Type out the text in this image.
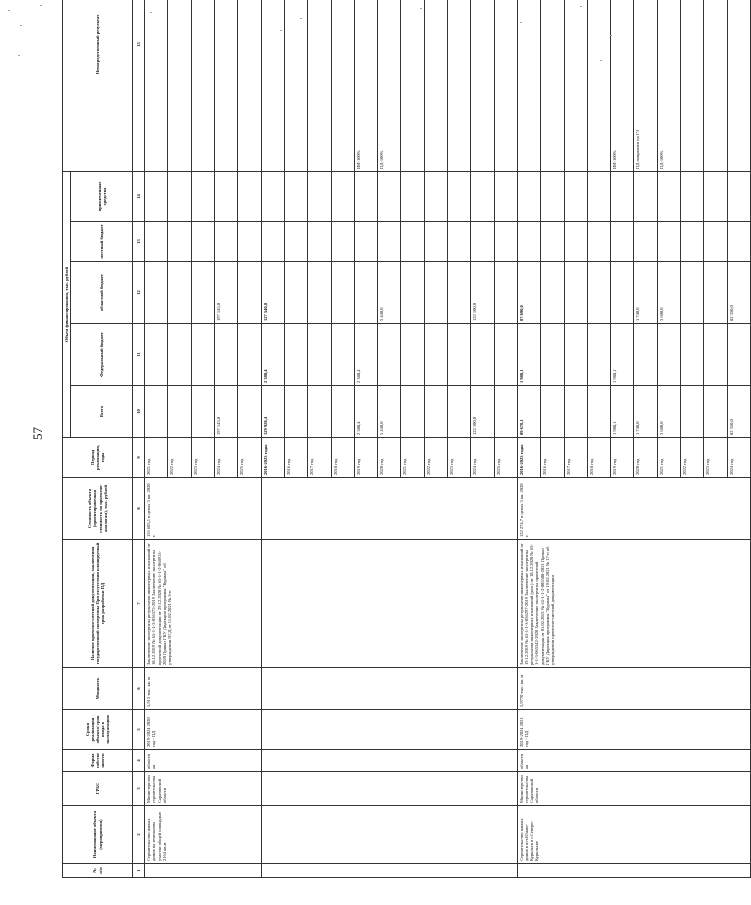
57
№ п/п	Наименование объекта (мероприятия)	ГРБС	Форма собственности	Сроки реализации объекта/ срок ввода в эксплуатацию	Мощность	Наличие проектно-сметной документации, заключения государственной экспертизы При отсутствии планируемый срок разработки ПД	Стоимость объекта (ориентировочная стоимость по проектно-аналогам), тыс. рублей	Период реализации, годы	Объем финансирования, тыс. рублей					Непосредственный результат
									Всего	Федеральный бюджет	областной бюджет	местный бюджет	привлеченные средства	
1	2	3	4	5	6	7	8	9	10	11	12	13	14	15
	Строительство жилых домов на земельном участке общей площадью 2164 кв.м	Министерство строительства Саратовской области	областная	2019-2024 2020 год - ПД	5,913 тыс. кв. м	Заключение экспертизы результатов инженерных изысканий от 18.12.2019 № 65-1-1-3-036375-2019 Заключение экспертизы проектной документации от 29.12.2020 № 65-1-1-2-068913-2020 Приказ ГКУ Дирекция программы "Курилы" об утверждении ПСД от 11.02.2021 № 6-п	155 603,1 в ценах 3 кв. 2020 г.	2021 год						
								2022 год						
								2023 год						
								2024 год	197 145,0		197 145,0			
								2025 год						
								2016-2025 годы	129 928,4	2 388,4	127 540,0			
								2016 год						
								2017 год						
								2018 год						
								2019 год	2 388,4	2 388,4				ИИ-100%
								2020 год	5 440,0		5 440,0			ПД-100%
								2021 год						
								2022 год						
								2023 год						
								2024 год	122 100,0		122 100,0			
								2025 год						
	Строительство жилых домов в пгт.Южно-Курильск в г.Северо-Курильске	Министерство строительства Саратовской области	областная	2019-2024 2021 год - ПД	5,9770 тыс. кв. м	Заключение экспертизы результатов инженерных изысканий от 19.12.2019 № 65-1-1-3-036297-2019 Заключение экспертизы результатов инженерных изысканий (доп.) от 18.12.2020 № 65-1-1-3-065342-2020 Заключение экспертизы проектной документации от 01.02.2021 № 65-1-1-2-005508-2021 Приказ ГКУ Дирекция программы "Курилы" от 19.02.2021 № 17-п об утверждении проектно-сметной документации	122 274,7 в ценах 3 кв. 2020 г.	2016-2025 годы	89 678,1	1 988,1	87 690,0			
								2016 год						
								2017 год						
								2018 год						
								2019 год	1 988,1	1 988,1				ИИ-100%
								2020 год	1 740,0		1 740,0			ПД направлен на ГЭ
								2021 год	3 600,0		3 600,0			ПД-100%
								2022 год						
								2023 год						
								2024 год	82 350,0		82 350,0			
